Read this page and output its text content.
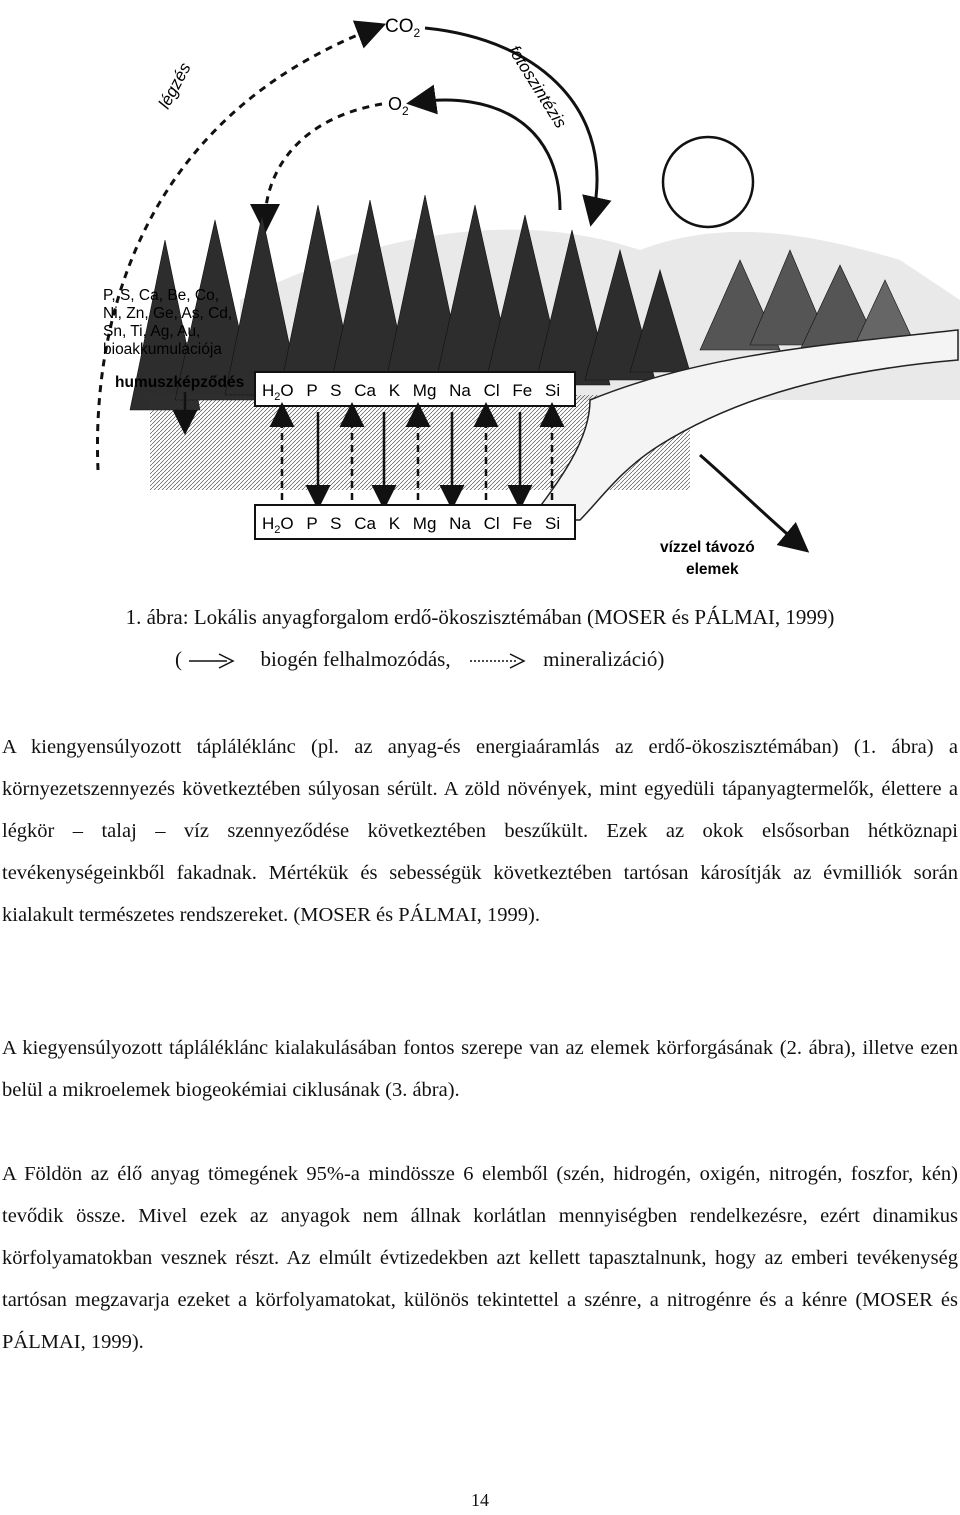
$CO_2$
$O_2$
légzés	fotoszintézis
P, S, Ca, Be, Co,
Ni, Zn, Ge, As, Cd,
Sn, Ti, Ag, Au,
bioakkumulációja
humuszképződés $H_2O$ P S Ca K Mg Na Cl Fe Si
$H_2O$ P S Ca K Mg Na Cl Fe Si
vízzel távozó
elemek
1. ábra: Lokális anyagforgalom erdő-ökoszisztémában (MOSER és PÁLMAI, 1999)
(	biogén felhalmozódás,	mineralizáció)
A kiengyensúlyozott tápláléklánc (pl. az anyag-és energiaáramlás az erdő-ökoszisztémában) (1. ábra) a környezetszennyezés következtében súlyosan sérült. A zöld növények, mint egyedüli tápanyagtermelők, élettere a légkör – talaj – víz szennyeződése következtében beszűkült. Ezek az okok elsősorban hétköznapi tevékenységeinkből fakadnak. Mértékük és sebességük következtében tartósan károsítják az évmilliók során kialakult természetes rendszereket. (MOSER és PÁLMAI, 1999).
A kiegyensúlyozott tápláléklánc kialakulásában fontos szerepe van az elemek körforgásának (2. ábra), illetve ezen belül a mikroelemek biogeokémiai ciklusának (3. ábra).
A Földön az élő anyag tömegének 95%-a mindössze 6 elemből (szén, hidrogén, oxigén, nitrogén, foszfor, kén) tevődik össze. Mivel ezek az anyagok nem állnak korlátlan mennyiségben rendelkezésre, ezért dinamikus körfolyamatokban vesznek részt. Az elmúlt évtizedekben azt kellett tapasztalnunk, hogy az emberi tevékenység tartósan megzavarja ezeket a körfolyamatokat, különös tekintettel a szénre, a nitrogénre és a kénre (MOSER és PÁLMAI, 1999).
14
